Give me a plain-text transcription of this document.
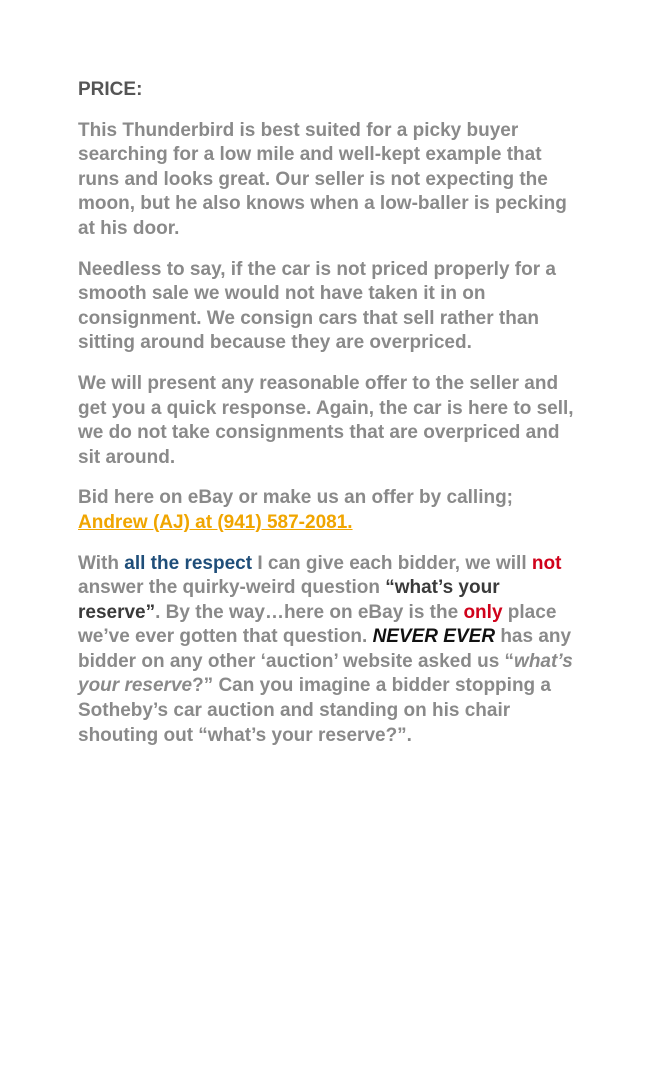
PRICE:

This Thunderbird is best suited for a picky buyer searching for a low mile and well-kept example that runs and looks great. Our seller is not expecting the moon, but he also knows when a low-baller is pecking at his door.

Needless to say, if the car is not priced properly for a smooth sale we would not have taken it in on consignment. We consign cars that sell rather than sitting around because they are overpriced.

We will present any reasonable offer to the seller and get you a quick response. Again, the car is here to sell, we do not take consignments that are overpriced and sit around.

Bid here on eBay or make us an offer by calling;
Andrew (AJ) at (941) 587-2081.

With all the respect I can give each bidder, we will not answer the quirky-weird question “what’s your reserve”. By the way…here on eBay is the only place we’ve ever gotten that question. NEVER EVER has any bidder on any other ‘auction’ website asked us “what’s your reserve?” Can you imagine a bidder stopping a Sotheby’s car auction and standing on his chair shouting out “what’s your reserve?”.
